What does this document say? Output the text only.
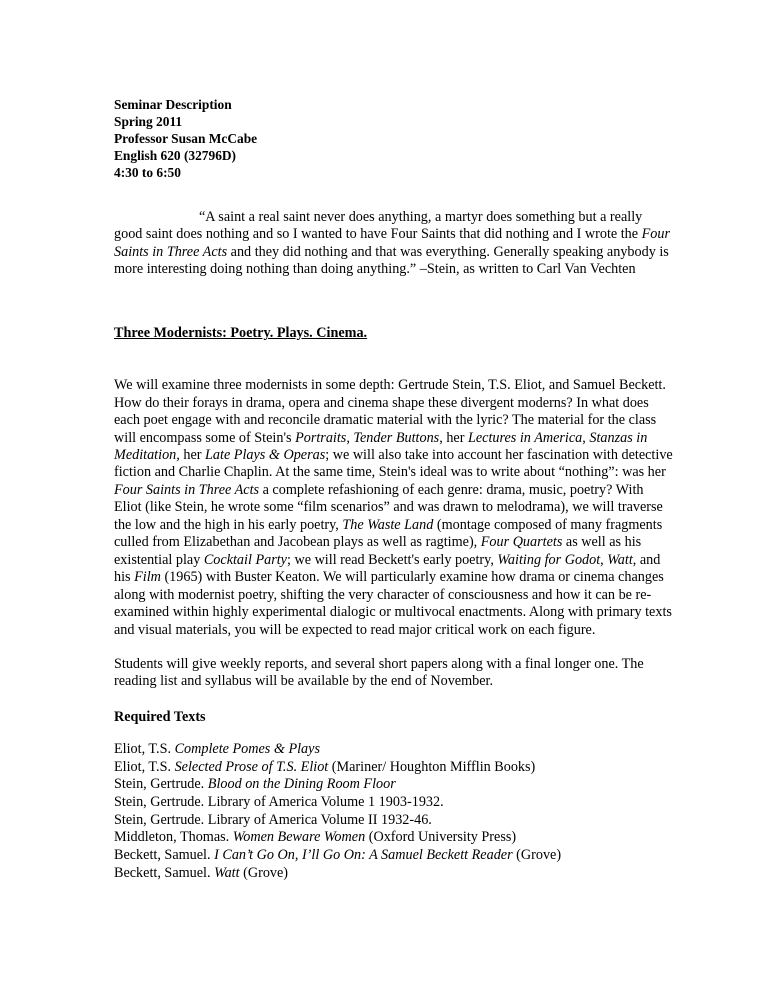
Seminar Description

Spring 2011

Professor Susan McCabe

English 620 (32796D)

4:30 to 6:50

“A saint a real saint never does anything, a martyr does something but a really good saint does nothing and so I wanted to have Four Saints that did nothing and I wrote the Four Saints in Three Acts and they did nothing and that was everything. Generally speaking anybody is more interesting doing nothing than doing anything.” –Stein, as written to Carl Van Vechten

Three Modernists: Poetry. Plays. Cinema.

We will examine three modernists in some depth: Gertrude Stein, T.S. Eliot, and Samuel Beckett. How do their forays in drama, opera and cinema shape these divergent moderns? In what does each poet engage with and reconcile dramatic material with the lyric? The material for the class will encompass some of Stein's Portraits, Tender Buttons, her Lectures in America, Stanzas in Meditation, her Late Plays & Operas; we will also take into account her fascination with detective fiction and Charlie Chaplin. At the same time, Stein's ideal was to write about “nothing”: was her Four Saints in Three Acts a complete refashioning of each genre: drama, music, poetry? With Eliot (like Stein, he wrote some “film scenarios” and was drawn to melodrama), we will traverse the low and the high in his early poetry, The Waste Land (montage composed of many fragments culled from Elizabethan and Jacobean plays as well as ragtime), Four Quartets as well as his existential play Cocktail Party; we will read Beckett's early poetry, Waiting for Godot, Watt, and his Film (1965) with Buster Keaton. We will particularly examine how drama or cinema changes along with modernist poetry, shifting the very character of consciousness and how it can be re-examined within highly experimental dialogic or multivocal enactments. Along with primary texts and visual materials, you will be expected to read major critical work on each figure.

Students will give weekly reports, and several short papers along with a final longer one. The reading list and syllabus will be available by the end of November.

Required Texts

Eliot, T.S. Complete Pomes & Plays

Eliot, T.S. Selected Prose of T.S. Eliot (Mariner/ Houghton Mifflin Books)

Stein, Gertrude. Blood on the Dining Room Floor

Stein, Gertrude. Library of America Volume 1 1903-1932.

Stein, Gertrude. Library of America Volume II 1932-46.

Middleton, Thomas. Women Beware Women (Oxford University Press)

Beckett, Samuel. I Can’t Go On, I’ll Go On: A Samuel Beckett Reader (Grove)

Beckett, Samuel. Watt (Grove)
